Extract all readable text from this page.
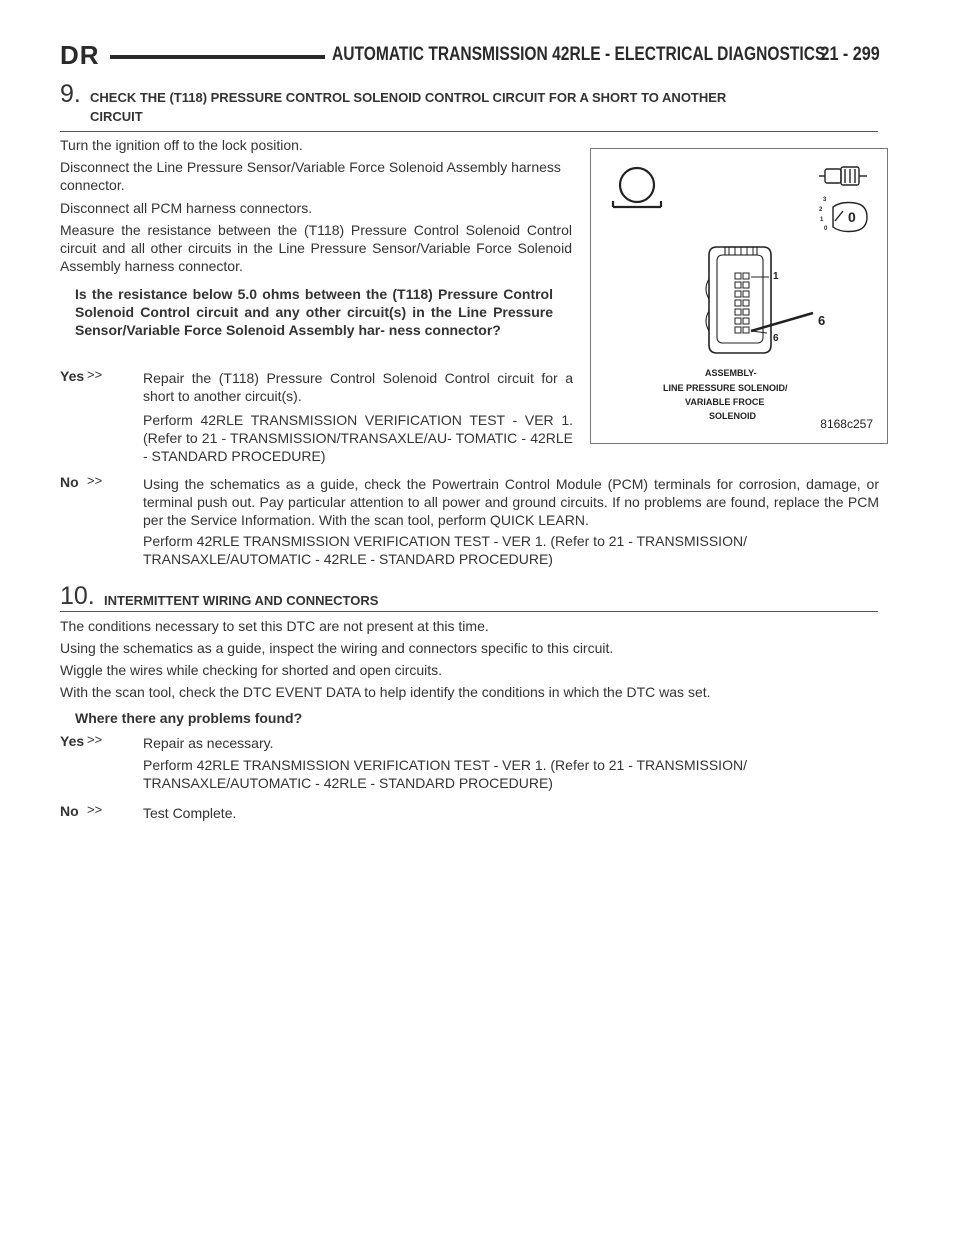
DR	AUTOMATIC TRANSMISSION 42RLE - ELECTRICAL DIAGNOSTICS
21 - 299
9. CHECK THE (T118) PRESSURE CONTROL SOLENOID CONTROL CIRCUIT FOR A SHORT TO ANOTHER
CIRCUIT

Turn the ignition off to the lock position.

Disconnect the Line Pressure Sensor/Variable Force Solenoid Assembly harness connector.

Disconnect all PCM harness connectors.

Measure the resistance between the (T118) Pressure Control Solenoid Control circuit and all other circuits in the Line Pressure Sensor/Variable Force Solenoid Assembly harness connector.

Is the resistance below 5.0 ohms between the (T118) Pressure Control Solenoid Control circuit and any other circuit(s) in the Line Pressure Sensor/Variable Force Solenoid Assembly har- ness connector?

Yes >>	Repair the (T118) Pressure Control Solenoid Control circuit for a short to another circuit(s).

Perform 42RLE TRANSMISSION VERIFICATION TEST - VER 1. (Refer to 21 - TRANSMISSION/TRANSAXLE/AU- TOMATIC - 42RLE - STANDARD PROCEDURE)

No >>	Using the schematics as a guide, check the Powertrain Control Module (PCM) terminals for corrosion, damage, or terminal push out. Pay particular attention to all power and ground circuits. If no problems are found, replace the PCM per the Service Information. With the scan tool, perform QUICK LEARN.

Perform 42RLE TRANSMISSION VERIFICATION TEST - VER 1. (Refer to 21 - TRANSMISSION/ TRANSAXLE/AUTOMATIC - 42RLE - STANDARD PROCEDURE)

1
6
6
0
3
2
1
0
ASSEMBLY-
LINE PRESSURE SOLENOID/
VARIABLE FROCE
SOLENOID
8168c257
10. INTERMITTENT WIRING AND CONNECTORS

The conditions necessary to set this DTC are not present at this time.

Using the schematics as a guide, inspect the wiring and connectors specific to this circuit.

Wiggle the wires while checking for shorted and open circuits.

With the scan tool, check the DTC EVENT DATA to help identify the conditions in which the DTC was set.

Where there any problems found?

Yes >>	Repair as necessary.

Perform 42RLE TRANSMISSION VERIFICATION TEST - VER 1. (Refer to 21 - TRANSMISSION/ TRANSAXLE/AUTOMATIC - 42RLE - STANDARD PROCEDURE)

No >>	Test Complete.
